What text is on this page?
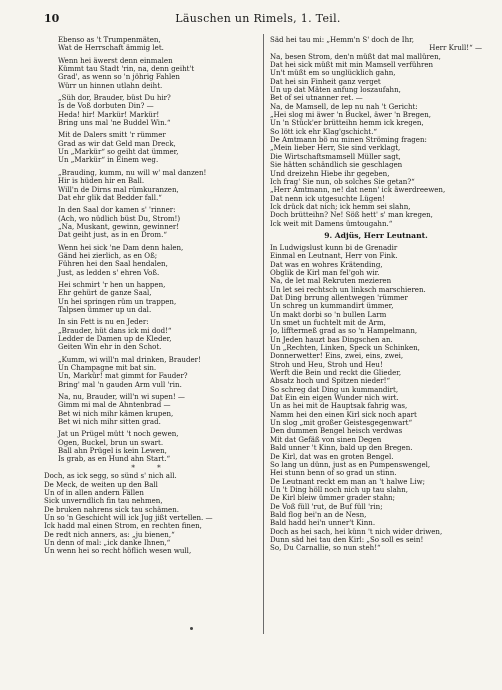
10	Läuschen un Rimels, 1. Teil.
Ebenso as 't Trumpenmäten,
Wat de Herrschaft ämmig let.
Wenn hei äwerst denn einmalen
Kümmt tau Stadt 'rin, na, denn geiht't
Grad', as wenn so 'n jöhrig Fahlen
Würr un hinnen utlahn deiht.
„Süh dor, Brauder, büst Du hir?
Is de Voß dorbuten Din? —
Heda! hir! Markür! Markür!
Bring uns mal 'ne Buddel Win.“
Mit de Dalers smitt 'r rümmer
Grad as wir dat Geld man Dreck,
Un „Markür“ so geiht dat ümmer,
Un „Markür“ in Einem weg.
„Brauding, kumm, nu will w' mal danzen!
Hir is hüden hir en Ball.
Will'n de Dirns mal rümkuranzen,
Dat ehr glik dat Bedder fall.“
In den Saal dor kamen s' 'rinner:
(Ach, wo nüdlich büst Du, Strom!)
„Na, Muskant, gewinn, gewinner!
Dat geiht just, as in en Drom.“
Wenn hei sick 'ne Dam denn halen,
Gänd hei zierlich, as en Oß;
Führen hei den Saal hendalen,
Just, as ledden s' ehren Voß.
Hei schmirt 'r hen un happen,
Ehr gehürt de ganze Saal,
Un hei springen rüm un trappen,
Talpsen ümmer up un dal.
In sin Fett is nu en Jeder:
„Brauder, hüt dans ick mi dod!“
Ledder de Damen up de Kleder,
Geiten Win ehr in den Schot.
„Kumm, wi will'n mal drinken, Brauder!
Un Champagne mit bat sin.
Un, Markür! mat gimmt for Fauder?
Bring' mal 'n gauden Arm vull 'rin.
Na, nu, Brauder, will'n wi supen! —
Gimm mi mal de Ahntenbrad —
Bet wi nich mihr kämen krupen,
Bet wi nich mihr sitten grad.
Jat un Prügel mütt 't noch gewen,
Ogen, Buckel, brun un swart.
Ball ahn Prügel is kein Lewen,
Is grab, as en Hund ahn Start.“
* *
Doch, as ick segg, so sünd s' nich all.
De Meck, de weiten up den Ball
Un of in allen andern Fällen
Sick unverndlich fin tau nehmen,
De bruken nahrens sick tau schämen.
Un so 'n Geschicht will ick Jug jißt vertellen. —
Ick hadd mal einen Strom, en rechten finen,
De redt nich anners, as: „ju bienen,“
Un denn of mal: „ick danke Ihnen,“
Un wenn hei so recht höflich wesen wull,
Säd hei tau mi: „Hemm'n S' doch de Ihr,
Herr Krull!“ —
Na, besen Strom, den'n müßt dat mal mallüren,
Dat hei sick müßt mit min Mamsell verführen
Un't müßt em so unglücklich gahn,
Dat hei sin Finheit ganz verget
Un up dat Mäten anfung loszaufahn,
Bet of sei utnanner ret. —
Na, de Mamsell, de lep nu nah 't Gericht:
„Hei slog mi äwer 'n Buckel, äwer 'n Bregen,
Un 'n Stück'er brütteihn hemm ick kregen,
So lött ick ehr Klag'gschicht.“
De Amtmann bö nu minen Ströming fragen:
„Mein lieber Herr, Sie sind verklagt,
Die Wirtschaftsmamsell Müller sagt,
Sie hätten schändlich sie geschlagen
Und dreizehn Hiebe ihr gegeben,
Ich frag' Sie nun, ob solches Sie getan?“
„Herr Amtmann, ne! dat nenn' ick äwerdreewen,
Dat nenn ick utgesuchte Lügen!
Ick drück dat nich; ick hemm sei slahn,
Doch brütteihn? Ne! Söß hett' s' man kregen,
Ick weit mit Damens ümtougahn.“
9. Adjüs, Herr Leutnant.
In Ludwigslust kunn bi de Grenadir
Einmal en Leutnant, Herr von Fink.
Dat was en wohres Krätending,
Obglik de Kirl man fel'goh wir.
Na, de let mal Rekruten mezieren
Un let sei rechtsch un linksch marschieren.
Dat Ding brrung allentwegen 'rümmer
Un schreg un kummandirt ümmer,
Un makt dorbi so 'n bullen Larm
Un smet un fuchtelt mit de Arm,
Jo, lifftermeß grad as so 'n Hampelmann,
Un Jeden hauzt bas Dingschen an.
Un „Rechten, Linken, Speck un Schinken,
Donnerwetter! Eins, zwei, eins, zwei,
Stroh und Heu, Stroh und Heu!
Werft die Bein und reckt die Glieder,
Absatz hoch und Spitzen nieder!“
So schreg dat Ding un kummandirt,
Dat Ein ein eigen Wunder nich wirt.
Un as hei mit de Hauptsak fahrig was,
Namm hei den einen Kirl sick noch apart
Un slog „mit großer Geistesgegenwart“
Den dummen Bengel heisch verdwas
Mit dat Gefäß von sinen Degen
Bald unner 't Kinn, bald up den Bregen.
De Kirl, dat was en groten Bengel.
So lang un dünn, just as en Pumpenswengel,
Hei stunn benn of so grad un stinn.
De Leutnant reckt em man an 't halwe Liw;
Un 't Ding höll noch nich up tau slahn,
De Kirl bleiw ümmer grader stahn;
De Voß füll 'rut, de Buf füll 'rin;
Bald flog bei'n an de Nesn,
Bald hadd hei'n unner't Kinn.
Doch as hei sach, hei künn 't nich wider driwen,
Dunn säd hei tau den Kirl: „So soll es sein!
So, Du Carnallie, so nun steh!“
